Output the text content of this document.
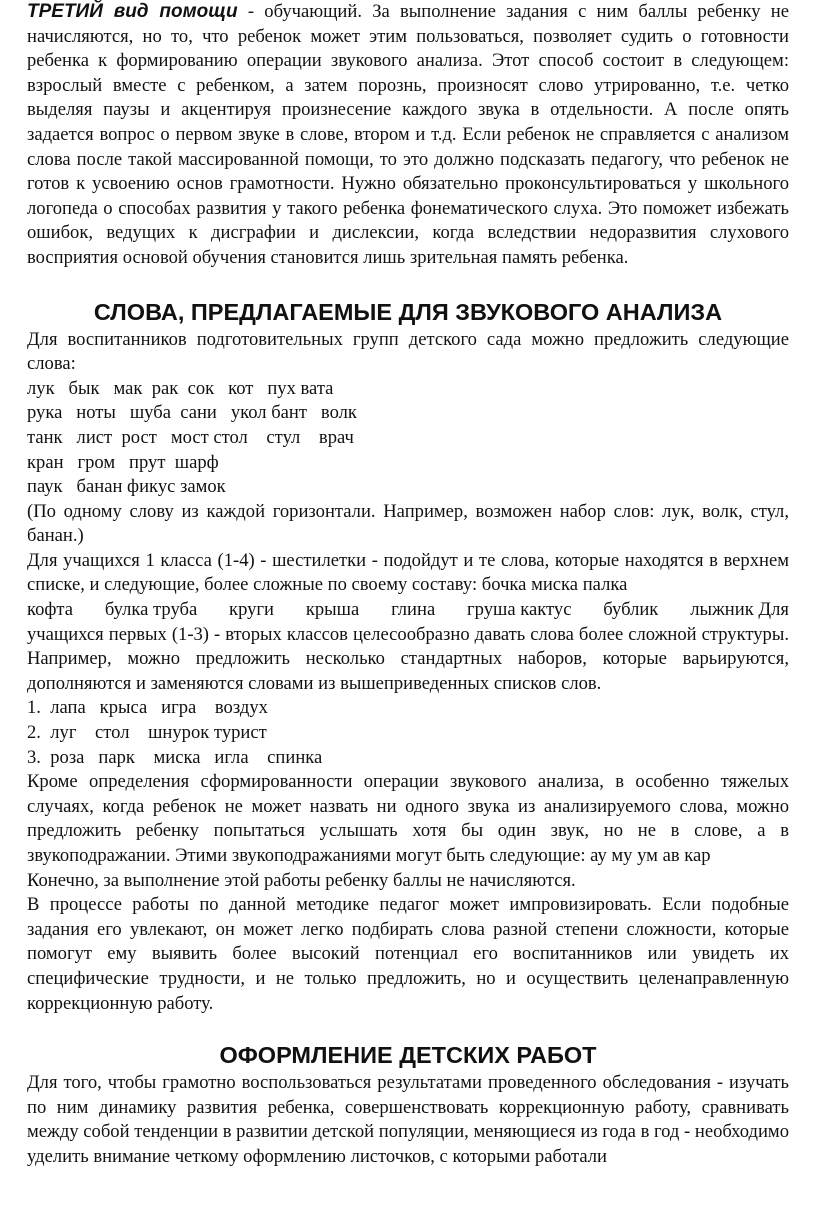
ТРЕТИЙ вид помощи - обучающий. За выполнение задания с ним баллы ребенку не начисляются, но то, что ребенок может этим пользоваться, позволяет судить о готовности ребенка к формированию операции звукового анализа. Этот способ состоит в следующем: взрослый вместе с ребенком, а затем порознь, произносят слово утрированно, т.е. четко выделяя паузы и акцентируя произнесение каждого звука в отдельности. А после опять задается вопрос о первом звуке в слове, втором и т.д. Если ребенок не справляется с анализом слова после такой массированной помощи, то это должно подсказать педагогу, что ребенок не готов к усвоению основ грамотности. Нужно обязательно проконсультироваться у школьного логопеда о способах развития у такого ребенка фонематического слуха. Это поможет избежать ошибок, ведущих к дисграфии и дислексии, когда вследствии недоразвития слухового восприятия основой обучения становится лишь зрительная память ребенка.

СЛОВА, ПРЕДЛАГАЕМЫЕ ДЛЯ ЗВУКОВОГО АНАЛИЗА

Для воспитанников подготовительных групп детского сада можно предложить следующие слова:

лук   бык   мак  рак  сок   кот   пух вата

рука   ноты   шуба  сани   укол бант   волк

танк   лист  рост   мост стол    стул    врач

кран   гром   прут  шарф

паук   банан фикус замок

(По одному слову из каждой горизонтали. Например, возможен набор слов: лук, волк, стул, банан.)

Для учащихся 1 класса (1-4) - шестилетки - подойдут и те слова, которые находятся в верхнем списке, и следующие, более сложные по своему составу: бочка миска палка

кофта булка труба круги крыша глина груша кактус бублик лыжник Для

учащихся первых (1-3) - вторых классов целесообразно давать слова более сложной структуры. Например, можно предложить несколько стандартных наборов, которые варьируются, дополняются и заменяются словами из вышеприведенных списков слов.

1.  лапа   крыса   игра    воздух

2.  луг    стол    шнурок турист

3.  роза   парк    миска   игла    спинка

Кроме определения сформированности операции звукового анализа, в особенно тяжелых случаях, когда ребенок не может назвать ни одного звука из анализируемого слова, можно предложить ребенку попытаться услышать хотя бы один звук, но не в слове, а в звукоподражании. Этими звукоподражаниями могут быть следующие: ау му ум ав кар

Конечно, за выполнение этой работы ребенку баллы не начисляются.

В процессе работы по данной методике педагог может импровизировать. Если подобные задания его увлекают, он может легко подбирать слова разной степени сложности, которые помогут ему выявить более высокий потенциал его воспитанников или увидеть их специфические трудности, и не только предложить, но и осуществить целенаправленную коррекционную работу.

ОФОРМЛЕНИЕ ДЕТСКИХ РАБОТ

Для того, чтобы грамотно воспользоваться результатами проведенного обследования - изучать по ним динамику развития ребенка, совершенствовать коррекционную работу, сравнивать между собой тенденции в развитии детской популяции, меняющиеся из года в год - необходимо уделить внимание четкому оформлению листочков, с которыми работали
